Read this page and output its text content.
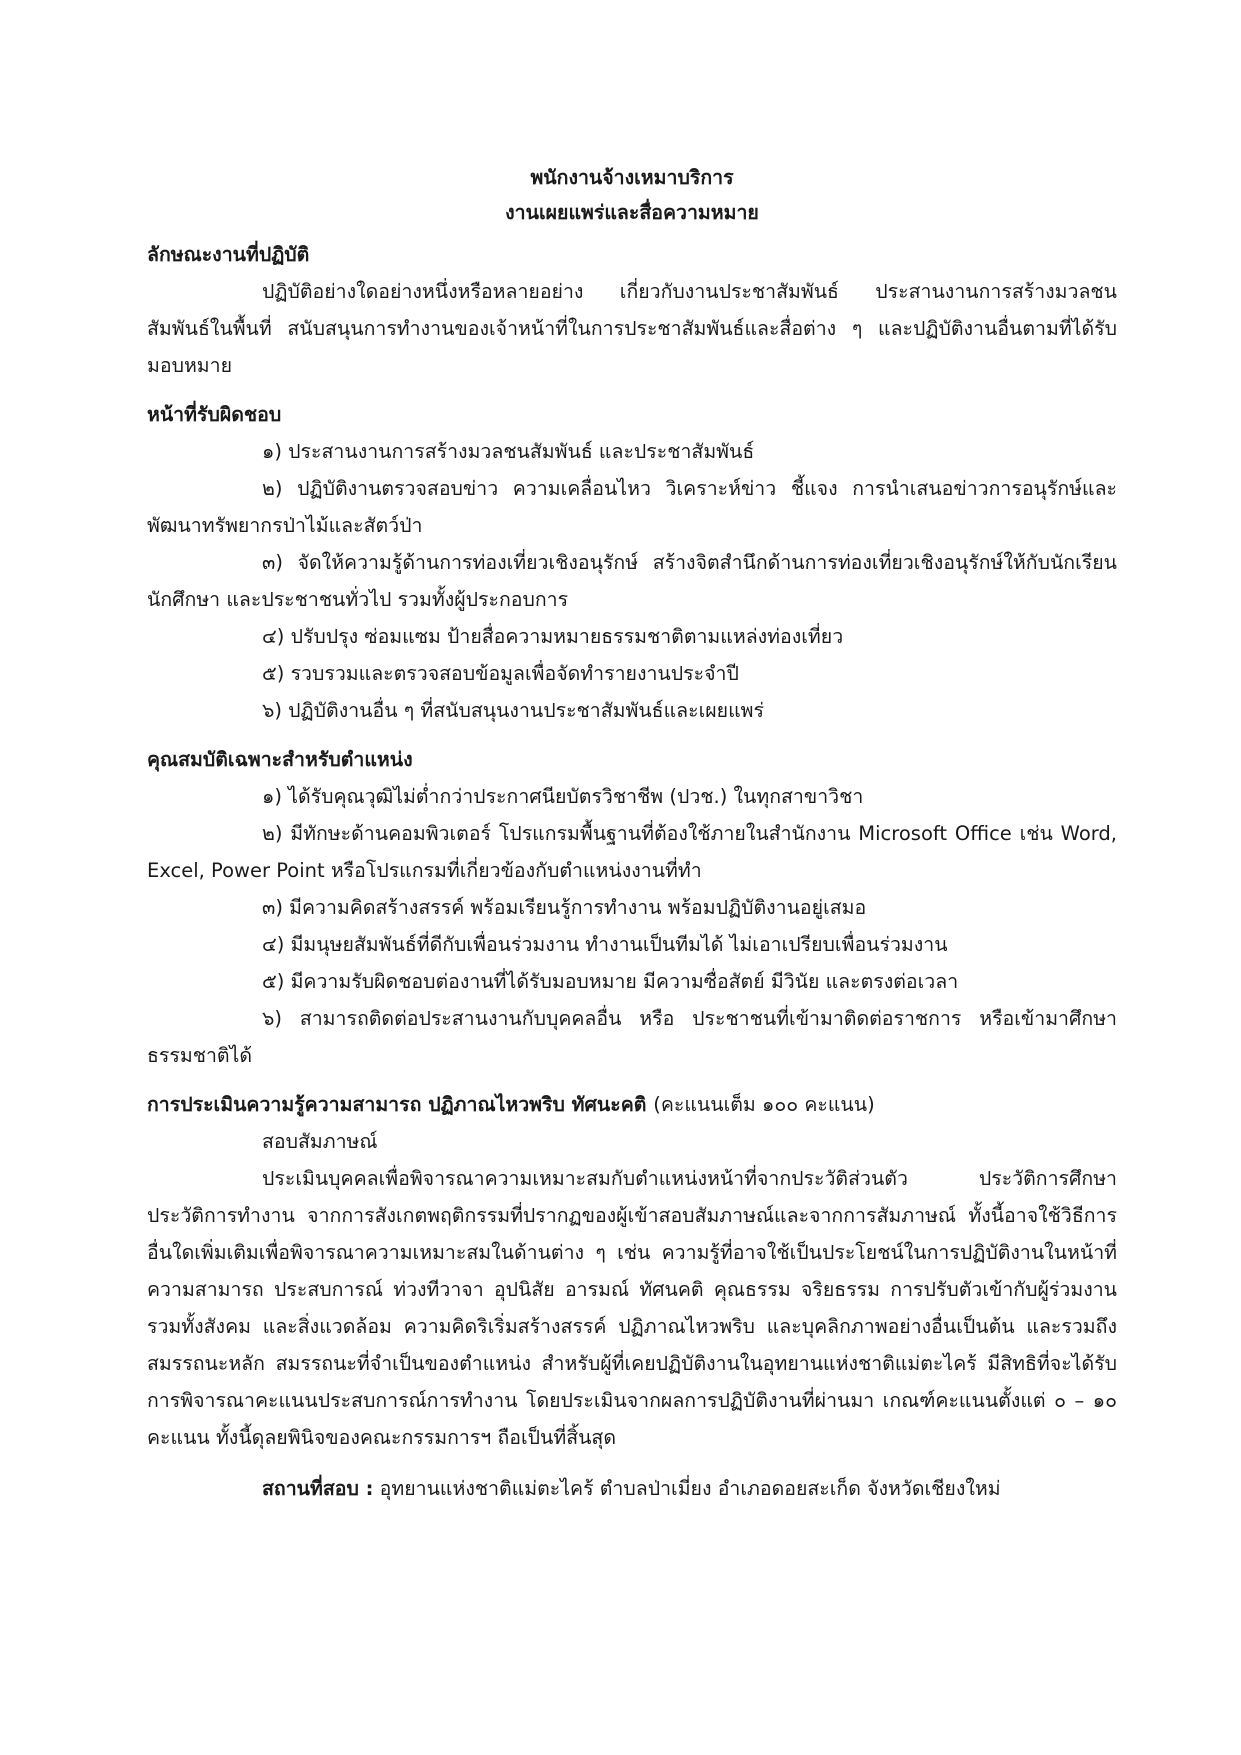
พนักงานจ้างเหมาบริการ

งานเผยแพร่และสื่อความหมาย

ลักษณะงานที่ปฏิบัติ

ปฏิบัติอย่างใดอย่างหนึ่งหรือหลายอย่าง เกี่ยวกับงานประชาสัมพันธ์ ประสานงานการสร้างมวลชนสัมพันธ์ในพื้นที่ สนับสนุนการทำงานของเจ้าหน้าที่ในการประชาสัมพันธ์และสื่อต่าง ๆ และปฏิบัติงานอื่นตามที่ได้รับมอบหมาย

หน้าที่รับผิดชอบ

๑) ประสานงานการสร้างมวลชนสัมพันธ์ และประชาสัมพันธ์

๒) ปฏิบัติงานตรวจสอบข่าว ความเคลื่อนไหว วิเคราะห์ข่าว ชี้แจง การนำเสนอข่าวการอนุรักษ์และพัฒนาทรัพยากรป่าไม้และสัตว์ป่า

๓) จัดให้ความรู้ด้านการท่องเที่ยวเชิงอนุรักษ์ สร้างจิตสำนึกด้านการท่องเที่ยวเชิงอนุรักษ์ให้กับนักเรียน นักศึกษา และประชาชนทั่วไป รวมทั้งผู้ประกอบการ

๔) ปรับปรุง ซ่อมแซม ป้ายสื่อความหมายธรรมชาติตามแหล่งท่องเที่ยว

๕) รวบรวมและตรวจสอบข้อมูลเพื่อจัดทำรายงานประจำปี

๖) ปฏิบัติงานอื่น ๆ ที่สนับสนุนงานประชาสัมพันธ์และเผยแพร่

คุณสมบัติเฉพาะสำหรับตำแหน่ง

๑) ได้รับคุณวุฒิไม่ต่ำกว่าประกาศนียบัตรวิชาชีพ (ปวช.) ในทุกสาขาวิชา

๒) มีทักษะด้านคอมพิวเตอร์ โปรแกรมพื้นฐานที่ต้องใช้ภายในสำนักงาน Microsoft Office เช่น Word, Excel, Power Point หรือโปรแกรมที่เกี่ยวข้องกับตำแหน่งงานที่ทำ

๓) มีความคิดสร้างสรรค์ พร้อมเรียนรู้การทำงาน พร้อมปฏิบัติงานอยู่เสมอ

๔) มีมนุษยสัมพันธ์ที่ดีกับเพื่อนร่วมงาน ทำงานเป็นทีมได้ ไม่เอาเปรียบเพื่อนร่วมงาน

๕) มีความรับผิดชอบต่องานที่ได้รับมอบหมาย มีความซื่อสัตย์ มีวินัย และตรงต่อเวลา

๖) สามารถติดต่อประสานงานกับบุคคลอื่น หรือ ประชาชนที่เข้ามาติดต่อราชการ หรือเข้ามาศึกษาธรรมชาติได้

การประเมินความรู้ความสามารถ ปฏิภาณไหวพริบ ทัศนะคติ (คะแนนเต็ม ๑๐๐ คะแนน)

สอบสัมภาษณ์

ประเมินบุคคลเพื่อพิจารณาความเหมาะสมกับตำแหน่งหน้าที่จากประวัติส่วนตัว ประวัติการศึกษา ประวัติการทำงาน จากการสังเกตพฤติกรรมที่ปรากฏของผู้เข้าสอบสัมภาษณ์และจากการสัมภาษณ์ ทั้งนี้อาจใช้วิธีการอื่นใดเพิ่มเติมเพื่อพิจารณาความเหมาะสมในด้านต่าง ๆ เช่น ความรู้ที่อาจใช้เป็นประโยชน์ในการปฏิบัติงานในหน้าที่ ความสามารถ ประสบการณ์ ท่วงทีวาจา อุปนิสัย อารมณ์ ทัศนคติ คุณธรรม จริยธรรม การปรับตัวเข้ากับผู้ร่วมงาน รวมทั้งสังคม และสิ่งแวดล้อม ความคิดริเริ่มสร้างสรรค์ ปฏิภาณไหวพริบ และบุคลิกภาพอย่างอื่นเป็นต้น และรวมถึงสมรรถนะหลัก สมรรถนะที่จำเป็นของตำแหน่ง สำหรับผู้ที่เคยปฏิบัติงานในอุทยานแห่งชาติแม่ตะไคร้ มีสิทธิที่จะได้รับการพิจารณาคะแนนประสบการณ์การทำงาน โดยประเมินจากผลการปฏิบัติงานที่ผ่านมา เกณฑ์คะแนนตั้งแต่ ๐ – ๑๐ คะแนน ทั้งนี้ดุลยพินิจของคณะกรรมการฯ ถือเป็นที่สิ้นสุด

สถานที่สอบ : อุทยานแห่งชาติแม่ตะไคร้ ตำบลป่าเมี่ยง อำเภอดอยสะเก็ด จังหวัดเชียงใหม่
